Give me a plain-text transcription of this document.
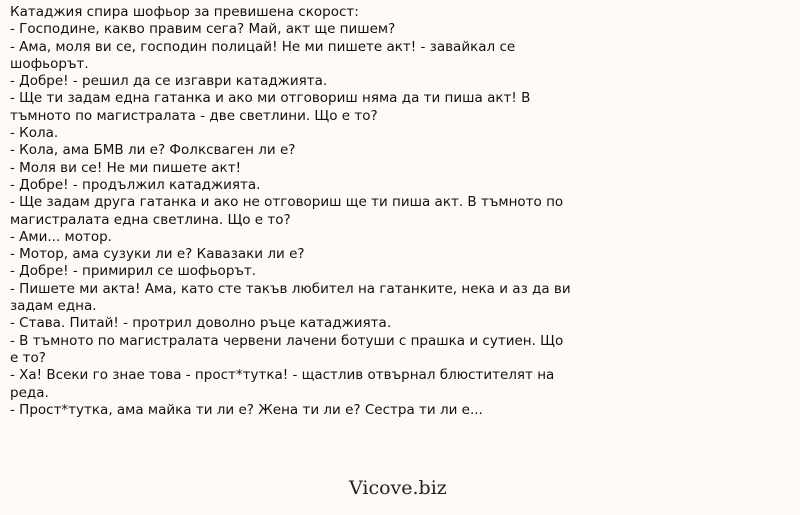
Катаджия спира шофьор за превишена скорост:

- Господине, какво правим сега? Май, акт ще пишем?

- Ама, моля ви се, господин полицай! Не ми пишете акт! - завайкал се шофьорът.

- Добре! - решил да се изгаври катаджията.

- Ще ти задам една гатанка и ако ми отговориш няма да ти пиша акт! В тъмното по магистралата - две светлини. Що е то?

- Кола.

- Кола, ама БМВ ли е? Фолксваген ли е?

- Моля ви се! Не ми пишете акт!

- Добре! - продължил катаджията.

- Ще задам друга гатанка и ако не отговориш ще ти пиша акт. В тъмното по магистралата една светлина. Що е то?

- Ами... мотор.

- Мотор, ама сузуки ли е? Кавазаки ли е?

- Добре! - примирил се шофьорът.

- Пишете ми акта! Ама, като сте такъв любител на гатанките, нека и аз да ви задам една.

- Става. Питай! - протрил доволно ръце катаджията.

- В тъмното по магистралата червени лачени ботуши с прашка и сутиен. Що е то?

- Ха! Всеки го знае това - прост*тутка! - щастлив отвърнал блюстителят на реда.

- Прост*тутка, ама майка ти ли е? Жена ти ли е? Сестра ти ли е...

Vicove.biz
